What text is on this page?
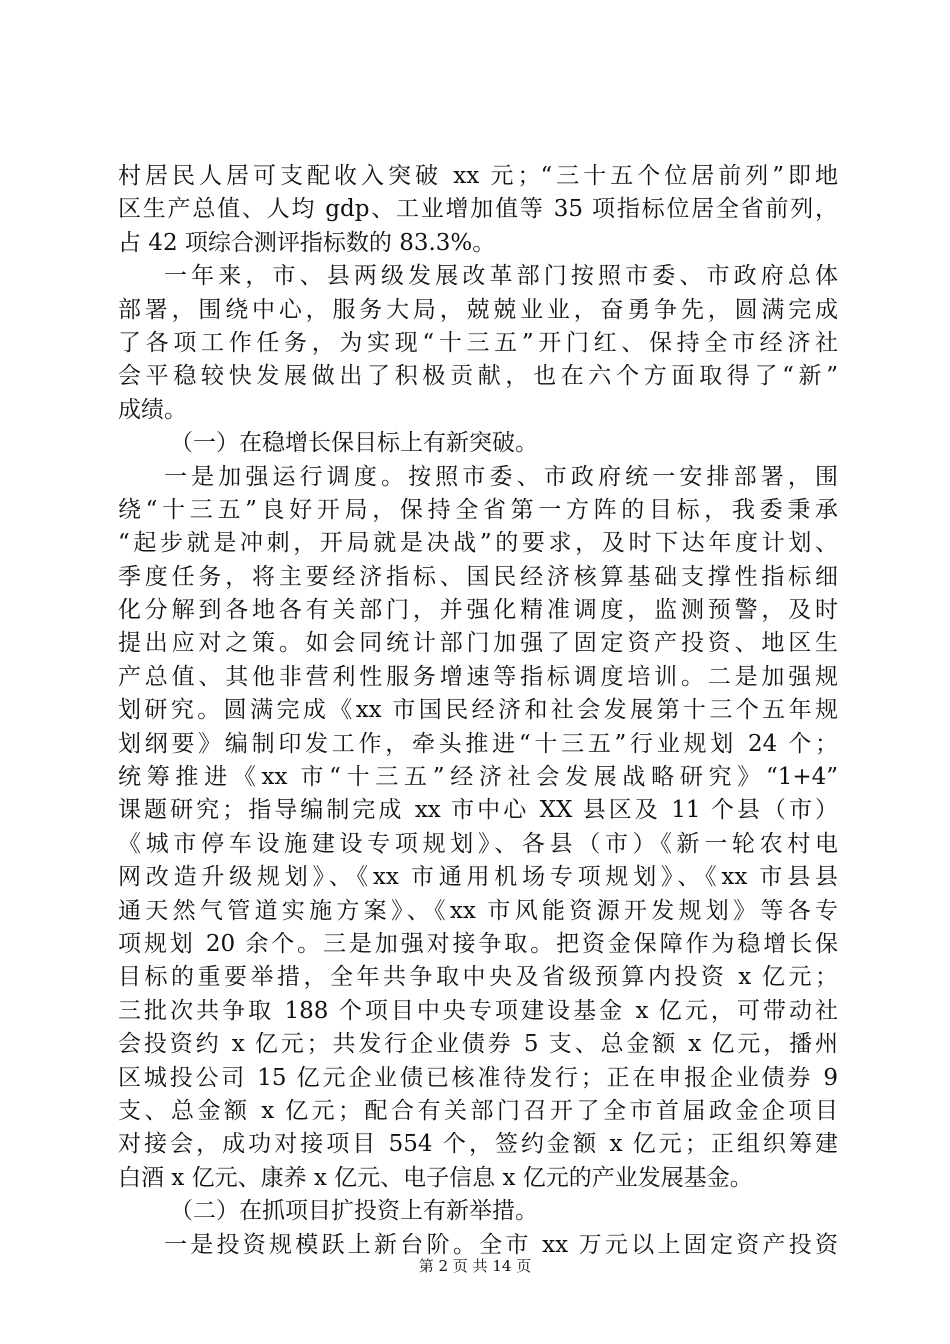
村居民人居可支配收入突破 xx 元；“三十五个位居前列”即地
区生产总值、人均 gdp、工业增加值等 35 项指标位居全省前列，
占 42 项综合测评指标数的 83.3%。
一年来，市、县两级发展改革部门按照市委、市政府总体
部署，围绕中心，服务大局，兢兢业业，奋勇争先，圆满完成
了各项工作任务，为实现“十三五”开门红、保持全市经济社
会平稳较快发展做出了积极贡献，也在六个方面取得了“新”
成绩。
（一）在稳增长保目标上有新突破。
一是加强运行调度。按照市委、市政府统一安排部署，围
绕“十三五”良好开局，保持全省第一方阵的目标，我委秉承
“起步就是冲刺，开局就是决战”的要求，及时下达年度计划、
季度任务，将主要经济指标、国民经济核算基础支撑性指标细
化分解到各地各有关部门，并强化精准调度，监测预警，及时
提出应对之策。如会同统计部门加强了固定资产投资、地区生
产总值、其他非营利性服务增速等指标调度培训。二是加强规
划研究。圆满完成《xx 市国民经济和社会发展第十三个五年规
划纲要》编制印发工作，牵头推进“十三五”行业规划 24 个；
统筹推进《xx 市“十三五”经济社会发展战略研究》“1+4”
课题研究；指导编制完成 xx 市中心 XX 县区及 11 个县（市）
《城市停车设施建设专项规划》、各县（市）《新一轮农村电
网改造升级规划》、《xx 市通用机场专项规划》、《xx 市县县
通天然气管道实施方案》、《xx 市风能资源开发规划》等各专
项规划 20 余个。三是加强对接争取。把资金保障作为稳增长保
目标的重要举措，全年共争取中央及省级预算内投资 x 亿元；
三批次共争取 188 个项目中央专项建设基金 x 亿元，可带动社
会投资约 x 亿元；共发行企业债券 5 支、总金额 x 亿元，播州
区城投公司 15 亿元企业债已核准待发行；正在申报企业债券 9
支、总金额 x 亿元；配合有关部门召开了全市首届政金企项目
对接会，成功对接项目 554 个，签约金额 x 亿元；正组织筹建
白酒 x 亿元、康养 x 亿元、电子信息 x 亿元的产业发展基金。
（二）在抓项目扩投资上有新举措。
一是投资规模跃上新台阶。全市 xx 万元以上固定资产投资
第 2 页 共 14 页
